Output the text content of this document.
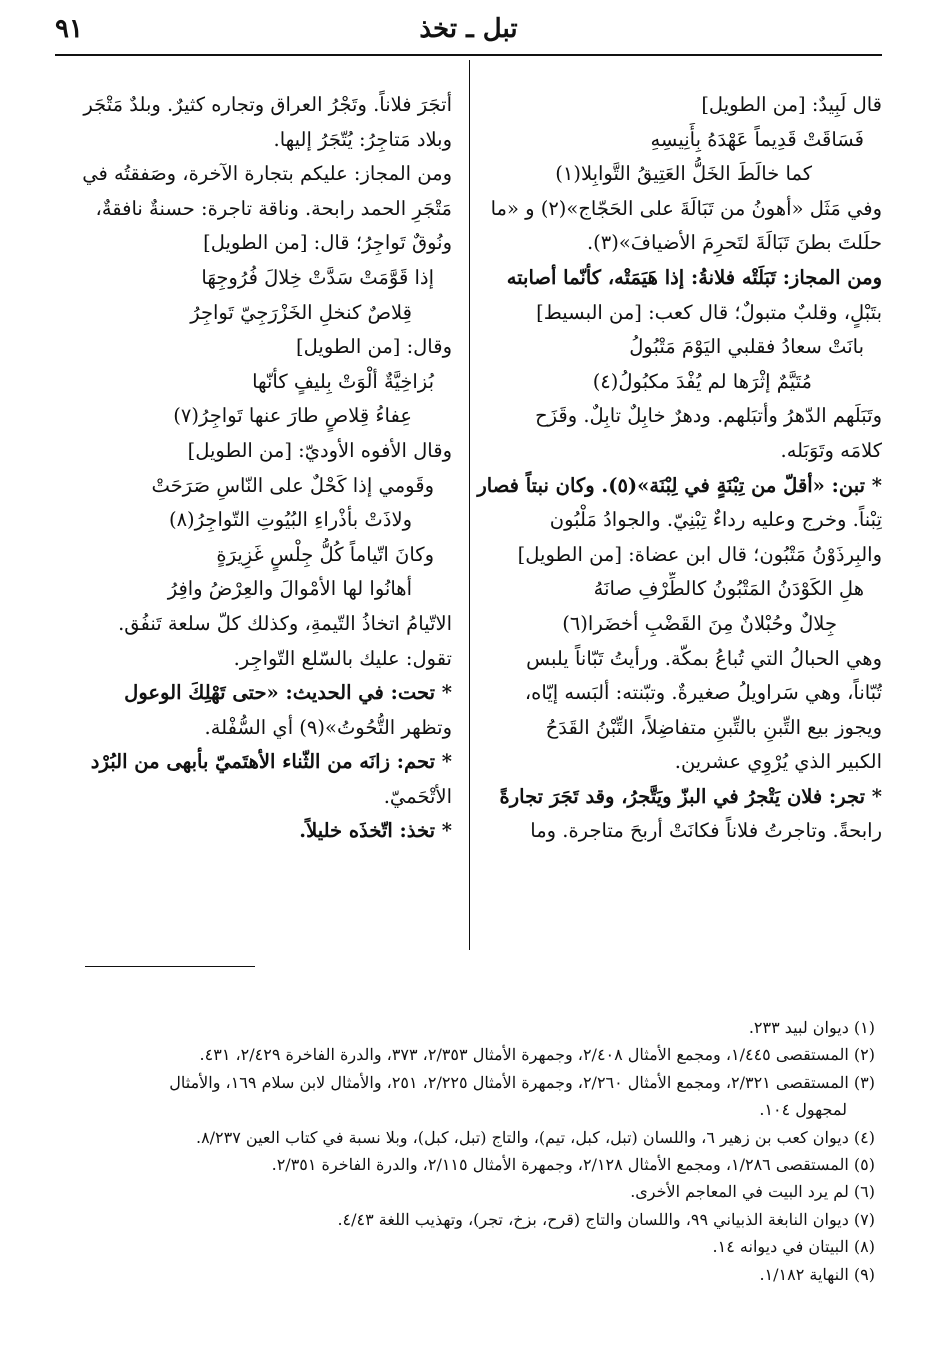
تبل ـ تخذ
٩١
قال لَبِيدٌ: [من الطويل]
فَسَاقَتْ قَدِيماً عَهْدَهُ بِأَنِيسِهِ
كما خالَطَ الخَلُّ العَتِيقُ التَّوابِلا(١)
وفي مَثَل «أهونُ من تَبَالَةَ على الحَجّاج»(٢) و «ما
حلَلتَ بطنَ تَبَالَةَ لتَحرِمَ الأضيافَ»(٣).
ومن المجاز: تَبَلَتْه فلانةُ: إذا هَيَمَتْه، كأنّما أصابته
بتَبْلٍ، وقلبٌ متبولٌ؛ قال كعب: [من البسيط]
بانَتْ سعادُ فقلبي اليَوْمَ مَتْبُولُ
مُتَيَّمٌ إثْرَها لم يُفْدَ مكبُولُ(٤)
وتَبَلَهم الدّهرُ وأتبَلهم. ودهرٌ خابِلٌ تابِلٌ. وقَزَح
كلامَه وتَوَبَله.
* تبن: «أقلّ من تِبْنَةٍ في لِبْنَة»(٥). وكان نبتاً فصار
تِبْناً. وخرج وعليه رداءٌ تِبْنِيّ. والجوادُ مَلْبُون
والبِرذَوْنُ مَتْبُون؛ قال ابن عضاة: [من الطويل]
هلِ الكَوْدَنُ المَتْبُونُ كالطِّرْفِ صانَهُ
جِلالٌ وحُبْلانٌ مِنَ القَضْبِ أخضَرا(٦)
وهي الحبالُ التي تُباعُ بمكّة. ورأيتُ تَبّاناً يلبس
تُبّاناً، وهي سَراويلُ صغيرةٌ. وتبّنته: ألبَسه إيّاه،
ويجوز بيع التِّبنِ بالتِّبنِ متفاضِلاً، التِّبْنُ القَدَحُ
الكبير الذي يُرْوِي عشرين.
* تجر: فلان يَتْجرُ في البزّ ويَتَّجرُ، وقد تَجَرَ تجارةً
رابحةً. وتاجرتُ فلاناً فكانَتْ أربحَ متاجرة. وما
أتجَرَ فلاناً. وتَجْرُ العراق وتجاره كثيرٌ. وبلدٌ مَتْجَر
وبلاد مَتاجِرُ: يُتّجَرُ إليها.
ومن المجاز: عليكم بتجارة الآخرة، وصَفقتُه في
مَتْجَرِ الحمد رابحة. وناقة تاجرة: حسنةٌ نافقةٌ،
ونُوقٌ تَواجِرُ؛ قال: [من الطويل]
إذا قَوَّمَتْ سَدَّتْ خِلالَ فُرُوجِهَا
قِلاصٌ كنخلِ الخَزْرَجِيّ تَواجِرُ
وقال: [من الطويل]
بُزاخِيَّةٌ ألْوَتْ بِليفٍ كأنّها
عِفاءُ قِلاصٍ طارَ عنها تَواجِرُ(٧)
وقال الأفوه الأوديّ: [من الطويل]
وقَومي إذا كَحْلٌ على النّاسِ صَرَحَتْ
ولاذَتْ بأذْراءِ البُيُوتِ التّواجِرُ(٨)
وكانَ اتّياماً كُلُّ جِلْسٍ غَزِيرَةٍ
أهانُوا لها الأمْوالَ والعِرْضُ وافِرُ
الاتّيامُ اتخاذُ التّيمةِ، وكذلك كلّ سلعة تَنفُق.
تقول: عليك بالسّلع التّواجِر.
* تحت: في الحديث: «حتى تَهْلِكَ الوعول
وتظهر التُّحُوتُ»(٩) أي السُّفْلة.
* تحم: زانَه من الثّناء الأهتَميّ بأبهى من البُرْد
الأتْحَميّ.
* تخذ: اتّخذَه خليلاً.
(١) ديوان لبيد ٢٣٣.
(٢) المستقصى ١/٤٤٥، ومجمع الأمثال ٢/٤٠٨، وجمهرة الأمثال ٢/٣٥٣، ٣٧٣، والدرة الفاخرة ٢/٤٢٩، ٤٣١.
(٣) المستقصى ٢/٣٢١، ومجمع الأمثال ٢/٢٦٠، وجمهرة الأمثال ٢/٢٢٥، ٢٥١، والأمثال لابن سلام ١٦٩، والأمثال
لمجهول ١٠٤.
(٤) ديوان كعب بن زهير ٦، واللسان (تبل، كبل، تيم)، والتاج (تبل، كبل)، وبلا نسبة في كتاب العين ٨/٢٣٧.
(٥) المستقصى ١/٢٨٦، ومجمع الأمثال ٢/١٢٨، وجمهرة الأمثال ٢/١١٥، والدرة الفاخرة ٢/٣٥١.
(٦) لم يرد البيت في المعاجم الأخرى.
(٧) ديوان النابغة الذبياني ٩٩، واللسان والتاج (قرح، بزخ، تجر)، وتهذيب اللغة ٤/٤٣.
(٨) البيتان في ديوانه ١٤.
(٩) النهاية ١/١٨٢.
